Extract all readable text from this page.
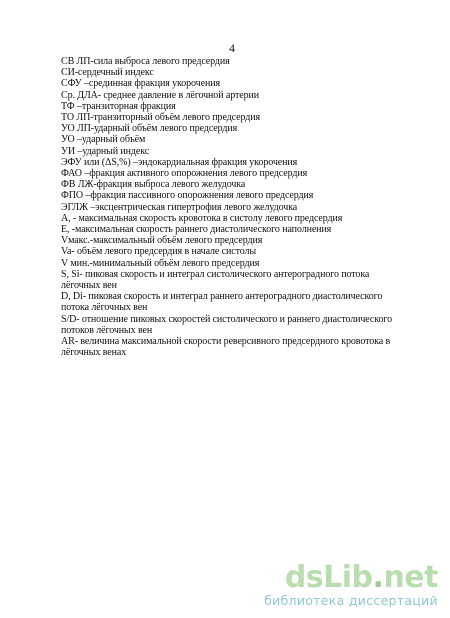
4
СВ ЛП-сила выброса левого предсердия
СИ-сердечный индекс
СФУ –срединная фракция укорочения
Ср. ДЛА- среднее давление в лёгочной артерии
ТФ –транзиторная фракция
ТО ЛП-транзиторный объём левого предсердия
УО ЛП-ударный объём левого предсердия
УО –ударный объём
УИ –ударный индекс
ЭФУ или (ΔS,%) –эндокардиальная фракция укорочения
ФАО –фракция активного опорожнения левого предсердия
ФВ ЛЖ-фракция выброса левого желудочка
ФПО –фракция пассивного опорожнения левого предсердия
ЭГЛЖ –эксцентрическая гипертрофия левого желудочка
А, - максимальная скорость кровотока в систолу левого предсердия
Е, -максимальная скорость раннего диастолического наполнения
Vмакс.-максимальный объём левого предсердия
Va- объём левого предсердия в начале систолы
V мин.-минимальный объём левого предсердия
S, Si- пиковая скорость и интеграл систолического антероградного потока лёгочных вен
D, Di- пиковая скорость и интеграл раннего антероградного диастолического потока лёгочных вен
S/D- отношение пиковых скоростей систолического и раннего диастолического потоков лёгочных вен
AR- величина максимальной скорости реверсивного предсердного кровотока в лёгочных венах
dsLib.net
библиотека диссертаций
